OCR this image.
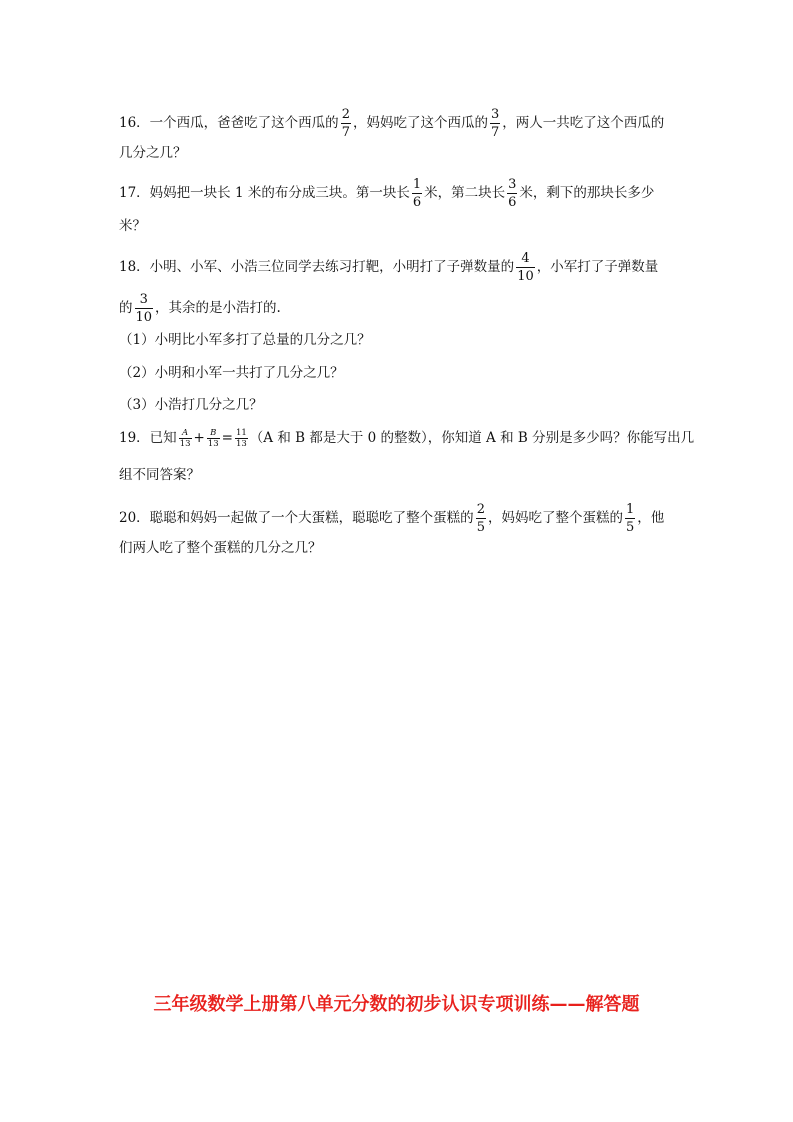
16．一个西瓜，爸爸吃了这个西瓜的 $\frac{2}{7}$ ，妈妈吃了这个西瓜的 $\frac{3}{7}$ ，两人一共吃了这个西瓜的
几分之几？
17．妈妈把一块长 1 米的布分成三块。第一块长 $\frac{1}{6}$ 米，第二块长 $\frac{3}{6}$ 米，剩下的那块长多少
米？
18．小明、小军、小浩三位同学去练习打靶，小明打了子弹数量的 $\frac{4}{10}$ ，小军打了子弹数量
的 $\frac{3}{10}$ ，其余的是小浩打的.
（1）小明比小军多打了总量的几分之几？
（2）小明和小军一共打了几分之几？
（3）小浩打几分之几？
19．已知 $\frac{A}{13} + \frac{B}{13} = \frac{11}{13} (A$ 和 B 都是大于 0 的整数），你知道 A 和 B 分别是多少吗？你能写出几
组不同答案？
20．聪聪和妈妈一起做了一个大蛋糕，聪聪吃了整个蛋糕的 $\frac{2}{5}$ ，妈妈吃了整个蛋糕的 $\frac{1}{5}$ ，他
们两人吃了整个蛋糕的几分之几？
三年级数学上册第八单元分数的初步认识专项训练——解答题
